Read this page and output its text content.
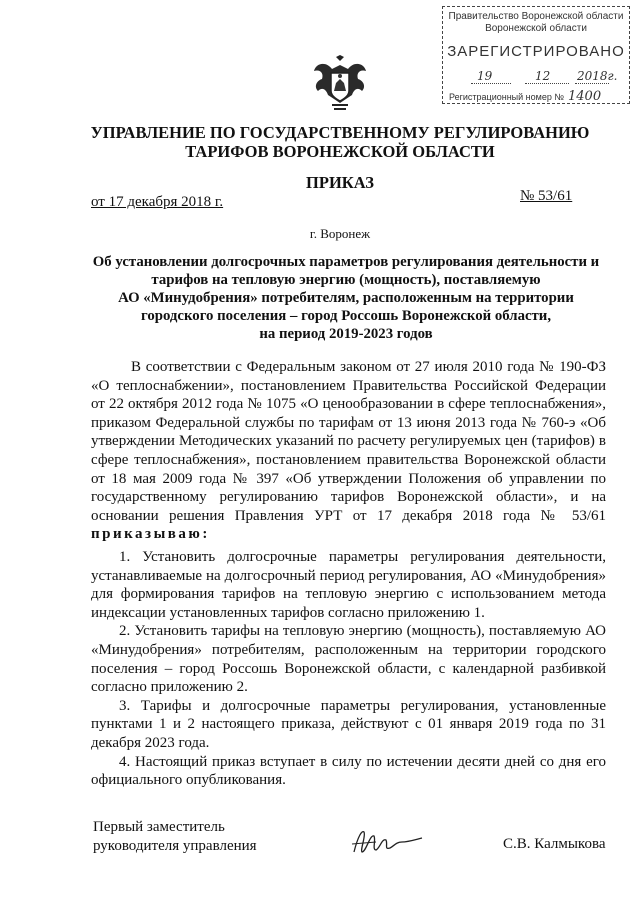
Правительство Воронежской области
Воронежской области
ЗАРЕГИСТРИРОВАНО
19	12 2018г.
Регистрационный номер № 1400
УПРАВЛЕНИЕ ПО ГОСУДАРСТВЕННОМУ РЕГУЛИРОВАНИЮ
ТАРИФОВ ВОРОНЕЖСКОЙ ОБЛАСТИ
ПРИКАЗ
от 17 декабря 2018 г.	№ 53/61
г. Воронеж
Об установлении долгосрочных параметров регулирования деятельности и
тарифов на тепловую энергию (мощность), поставляемую
АО «Минудобрения» потребителям, расположенным на территории
городского поселения – город Россошь Воронежской области,
на период 2019-2023 годов
В соответствии с Федеральным законом от 27 июля 2010 года № 190-ФЗ «О теплоснабжении», постановлением Правительства Российской Федерации от 22 октября 2012 года № 1075 «О ценообразовании в сфере теплоснабжения», приказом Федеральной службы по тарифам от 13 июня 2013 года № 760-э «Об утверждении Методических указаний по расчету регулируемых цен (тарифов) в сфере теплоснабжения», постановлением правительства Воронежской области от 18 мая 2009 года № 397 «Об утверждении Положения об управлении по государственному регулированию тарифов Воронежской области», и на основании решения Правления УРТ от 17 декабря 2018 года № 53/61 приказываю:

1. Установить долгосрочные параметры регулирования деятельности, устанавливаемые на долгосрочный период регулирования, АО «Минудобрения» для формирования тарифов на тепловую энергию с использованием метода индексации установленных тарифов согласно приложению 1.

2. Установить тарифы на тепловую энергию (мощность), поставляемую АО «Минудобрения» потребителям, расположенным на территории городского поселения – город Россошь Воронежской области, с календарной разбивкой согласно приложению 2.

3. Тарифы и долгосрочные параметры регулирования, установленные пунктами 1 и 2 настоящего приказа, действуют с 01 января 2019 года по 31 декабря 2023 года.

4. Настоящий приказ вступает в силу по истечении десяти дней со дня его официального опубликования.

Первый заместитель
руководителя управления	С.В. Калмыкова
